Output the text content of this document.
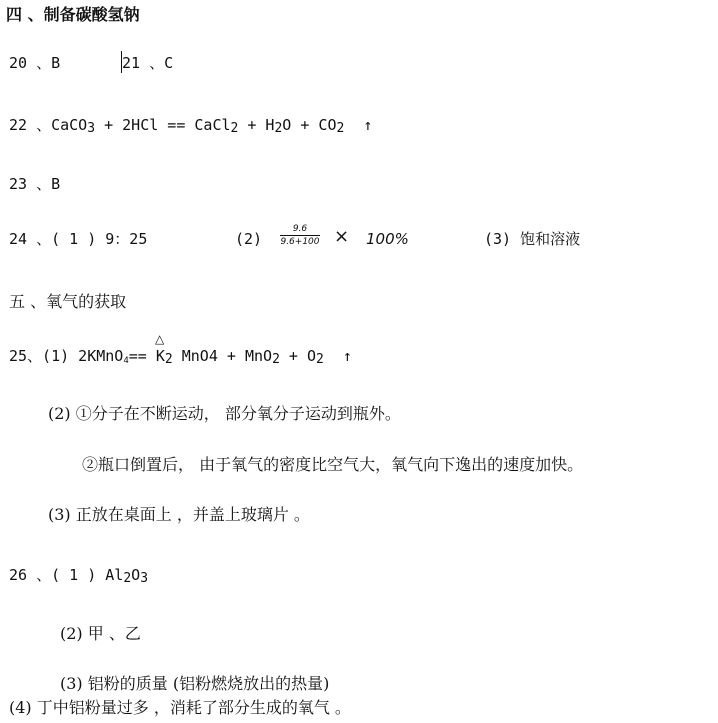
四 、制备碳酸氢钠
20 、B	21 、C
22 、CaCO$_3$ + 2HCl == CaCl$_2$ + $H_2O + CO_2$ ↑
23 、B
24 、( 1 ) 9：25	(2)
9.6
9.6+100 × 100%	(3) 饱和溶液
五 、氧气的获取
△
25、(1) 2KMnO$_4$== $K_2$ $MnO4 + MnO_2 + O_2$ ↑
(2) ①分子在不断运动， 部分氧分子运动到瓶外。
②瓶口倒置后， 由于氧气的密度比空气大，氧气向下逸出的速度加快。
(3) 正放在桌面上 ，并盖上玻璃片 。
26 、( 1 ) $Al_2O_3$
(2) 甲 、乙
(3) 铝粉的质量 (铝粉燃烧放出的热量)
(4) 丁中铝粉量过多 ，消耗了部分生成的氧气 。
